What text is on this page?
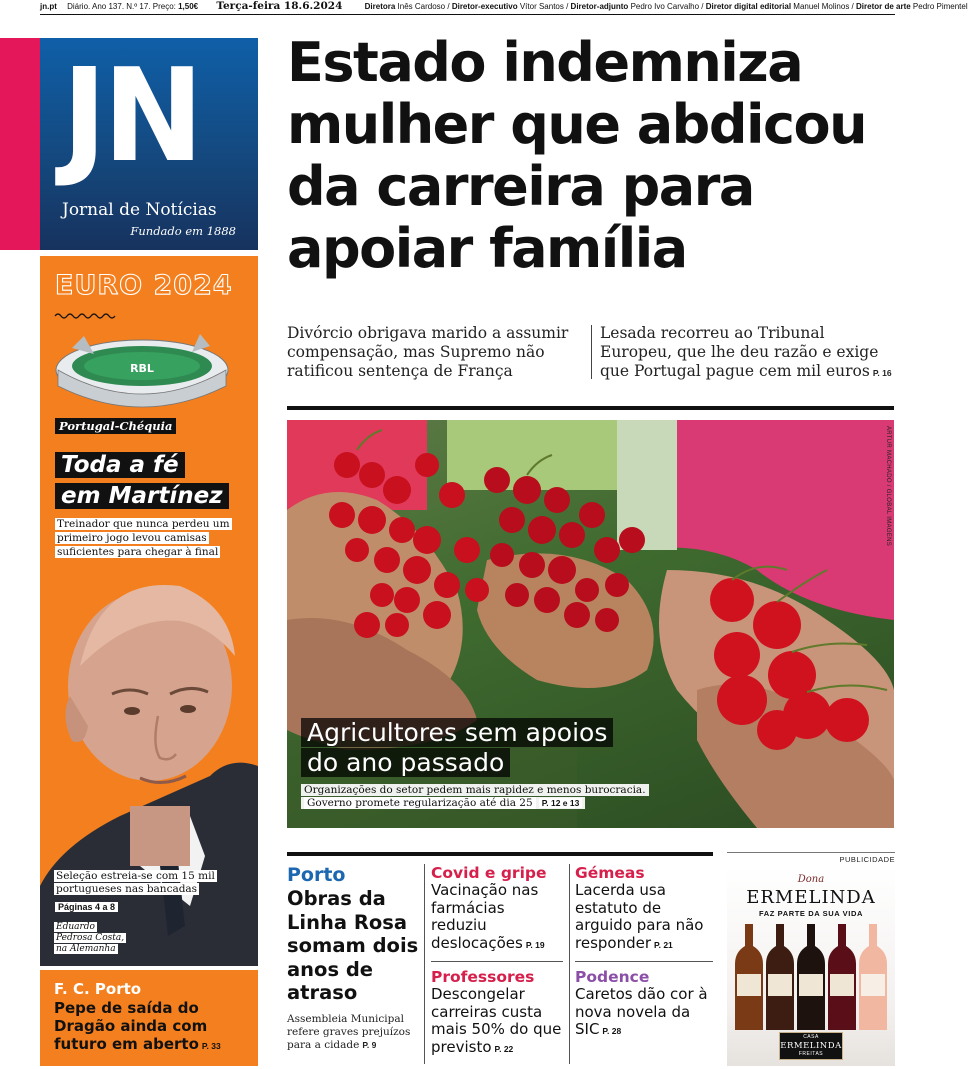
jn.pt Diário. Ano 137. N.º 17. Preço: 1,50€ Terça-feira 18.6.2024	Diretora Inês Cardoso / Diretor-executivo Vítor Santos / Diretor-adjunto Pedro Ivo Carvalho / Diretor digital editorial Manuel Molinos / Diretor de arte Pedro Pimentel
JN
Jornal de Notícias
Fundado em 1888
Estado indemniza mulher que abdicou da carreira para apoiar família
Divórcio obrigava marido a assumir compensação, mas Supremo não ratificou sentença de França
Lesada recorreu ao Tribunal Europeu, que lhe deu razão e exige que Portugal pague cem mil euros P. 16
ARTUR MACHADO / GLOBAL IMAGENS
Agricultores sem apoios
do ano passado
Organizações do setor pedem mais rapidez e menos burocracia.
Governo promete regularização até dia 25 P. 12 e 13
EURO 2024
RBL
Portugal-Chéquia
Toda a fé
em Martínez
Treinador que nunca perdeu um primeiro jogo levou camisas suficientes para chegar à final
Seleção estreia-se com 15 mil portugueses nas bancadas
Páginas 4 a 8
Eduardo
Pedrosa Costa,
na Alemanha
F. C. Porto
Pepe de saída do Dragão ainda com futuro em aberto P. 33
Porto
Obras da Linha Rosa somam dois anos de atraso
Assembleia Municipal refere graves prejuízos para a cidade P. 9
Covid e gripe
Vacinação nas farmácias reduziu deslocações P. 19
Professores
Descongelar carreiras custa mais 50% do que previsto P. 22
Gémeas
Lacerda usa estatuto de arguido para não responder P. 21
Podence
Caretos dão cor à nova novela da SIC P. 28
PUBLICIDADE
Dona
ERMELINDA
FAZ PARTE DA SUA VIDA
CASA
ERMELINDA
FREITAS
